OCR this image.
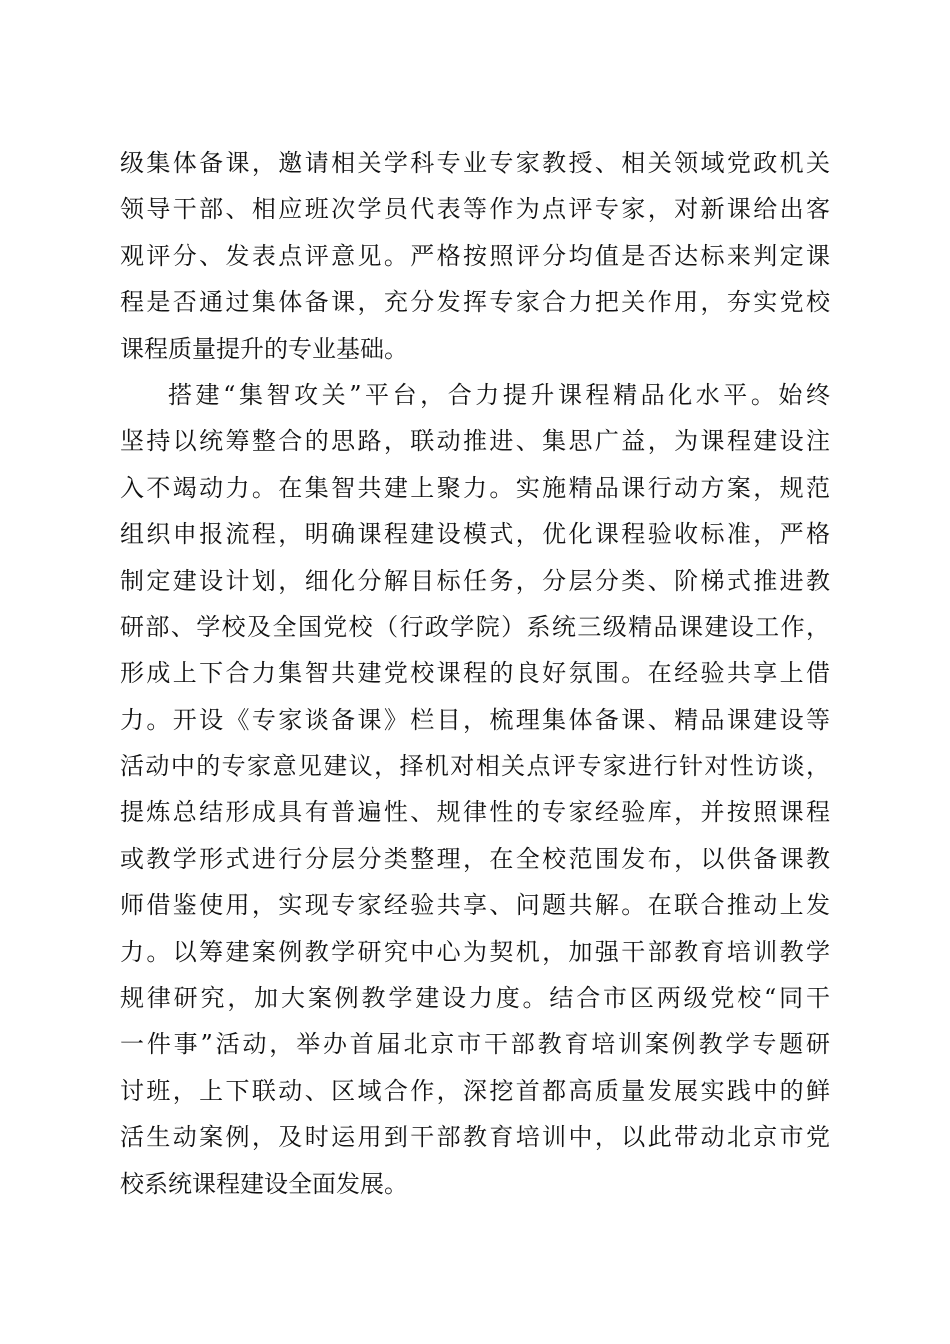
级集体备课，邀请相关学科专业专家教授、相关领域党政机关
领导干部、相应班次学员代表等作为点评专家，对新课给出客
观评分、发表点评意见。严格按照评分均值是否达标来判定课
程是否通过集体备课，充分发挥专家合力把关作用，夯实党校
课程质量提升的专业基础。
搭建“集智攻关”平台，合力提升课程精品化水平。始终
坚持以统筹整合的思路，联动推进、集思广益，为课程建设注
入不竭动力。在集智共建上聚力。实施精品课行动方案，规范
组织申报流程，明确课程建设模式，优化课程验收标准，严格
制定建设计划，细化分解目标任务，分层分类、阶梯式推进教
研部、学校及全国党校（行政学院）系统三级精品课建设工作，
形成上下合力集智共建党校课程的良好氛围。在经验共享上借
力。开设《专家谈备课》栏目，梳理集体备课、精品课建设等
活动中的专家意见建议，择机对相关点评专家进行针对性访谈，
提炼总结形成具有普遍性、规律性的专家经验库，并按照课程
或教学形式进行分层分类整理，在全校范围发布，以供备课教
师借鉴使用，实现专家经验共享、问题共解。在联合推动上发
力。以筹建案例教学研究中心为契机，加强干部教育培训教学
规律研究，加大案例教学建设力度。结合市区两级党校“同干
一件事”活动，举办首届北京市干部教育培训案例教学专题研
讨班，上下联动、区域合作，深挖首都高质量发展实践中的鲜
活生动案例，及时运用到干部教育培训中，以此带动北京市党
校系统课程建设全面发展。
